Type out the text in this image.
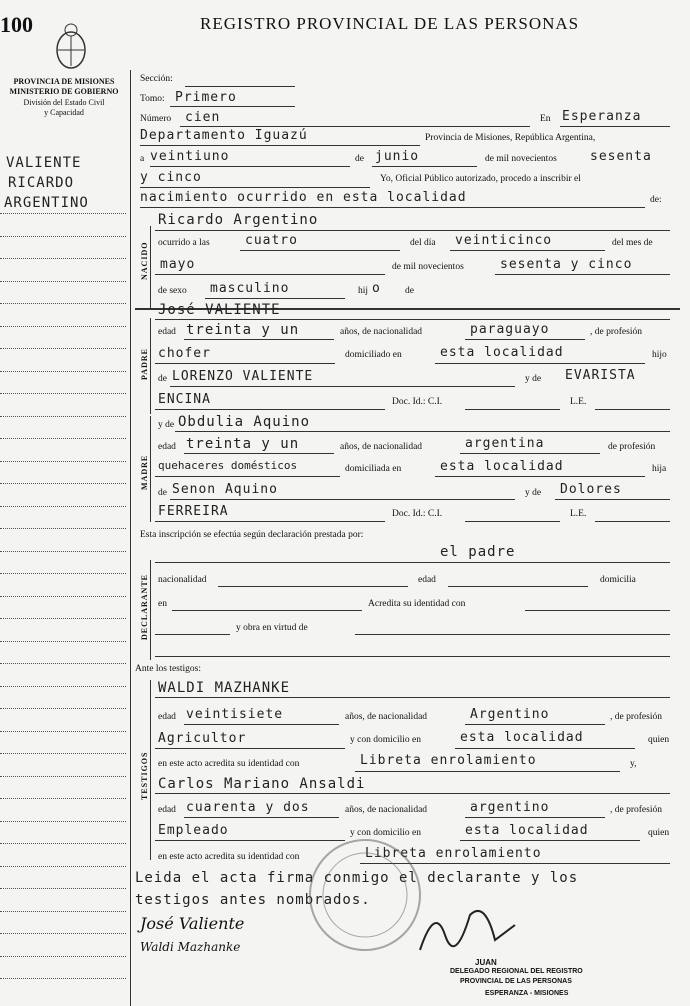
100	REGISTRO PROVINCIAL DE LAS PERSONAS
PROVINCIA DE MISIONES
MINISTERIO DE GOBIERNO
División del Estado Civil
y Capacidad
VALIENTE
RICARDO
ARGENTINO
Sección:
Tomo: Primero
Número cien	En Esperanza
Departamento Iguazú	Provincia de Misiones, República Argentina,
a veintiuno	de junio	de mil novecientos	sesenta
y cinco	Yo, Oficial Público autorizado, procedo a inscribir el
nacimiento ocurrido en esta localidad	de:
NACIDO
Ricardo Argentino
ocurrido a las	cuatro	del día veinticinco	del mes de
mayo	de mil novecientos	sesenta y cinco
de sexo masculino	hij o	de
PADRE
José VALIENTE
edad treinta y un	años, de nacionalidad	paraguayo	, de profesión
chofer	domiciliado en	esta localidad	hijo
de LORENZO VALIENTE	y de EVARISTA
ENCINA	Doc. Id.: C.I.	L.E.
MADRE
y de Obdulia Aquino
edad treinta y un	años, de nacionalidad	argentina	de profesión
quehaceres domésticos	domiciliada en	esta localidad	hija
de Senon Aquino	y de Dolores
FERREIRA	Doc. Id.: C.I.	L.E.
Esta inscripción se efectúa según declaración prestada por:
el padre
DECLARANTE nacionalidad	edad	domicilia
en	Acredita su identidad con
y obra en virtud de
Ante los testigos:
TESTIGOS
WALDI MAZHANKE
edad veintisiete	años, de nacionalidad	Argentino	, de profesión
Agricultor	y con domicilio en	esta localidad	quien
en este acto acredita su identidad con	Libreta enrolamiento	y,
Carlos Mariano Ansaldi
edad cuarenta y dos	años, de nacionalidad	argentino	, de profesión
Empleado	y con domicilio en	esta localidad	quien
en este acto acredita su identidad con	Libreta enrolamiento
Leida el acta firma conmigo el declarante y los
testigos antes nombrados.
José Valiente
Waldi Mazhanke
JUAN
DELEGADO REGIONAL DEL REGISTRO
PROVINCIAL DE LAS PERSONAS
ESPERANZA - MISIONES
